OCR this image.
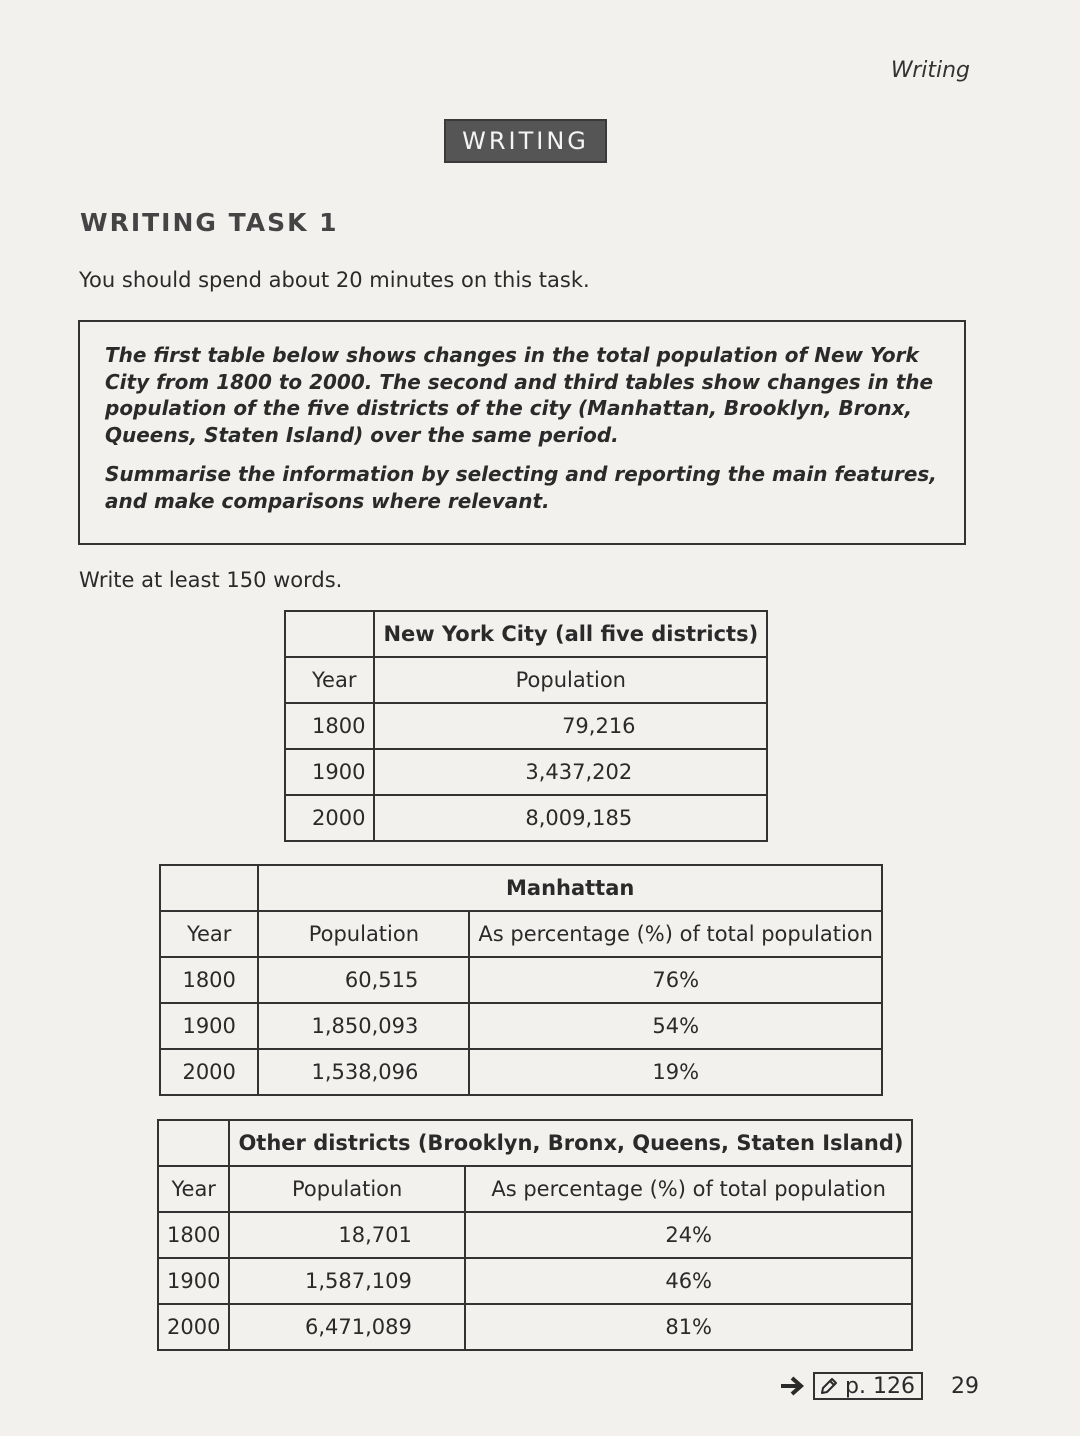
Writing
WRITING
WRITING TASK 1
You should spend about 20 minutes on this task.

The first table below shows changes in the total population of New York City from 1800 to 2000. The second and third tables show changes in the population of the five districts of the city (Manhattan, Brooklyn, Bronx, Queens, Staten Island) over the same period.

Summarise the information by selecting and reporting the main features, and make comparisons where relevant.

Write at least 150 words.
	New York City (all five districts)
Year	Population
1800	79,216
1900	3,437,202
2000	8,009,185
	Manhattan	
Year	Population	As percentage (%) of total population
1800	60,515	76%
1900	1,850,093	54%
2000	1,538,096	19%
	Other districts (Brooklyn, Bronx, Queens, Staten Island)	
Year	Population	As percentage (%) of total population
1800	18,701	24%
1900	1,587,109	46%
2000	6,471,089	81%
p. 126 29
